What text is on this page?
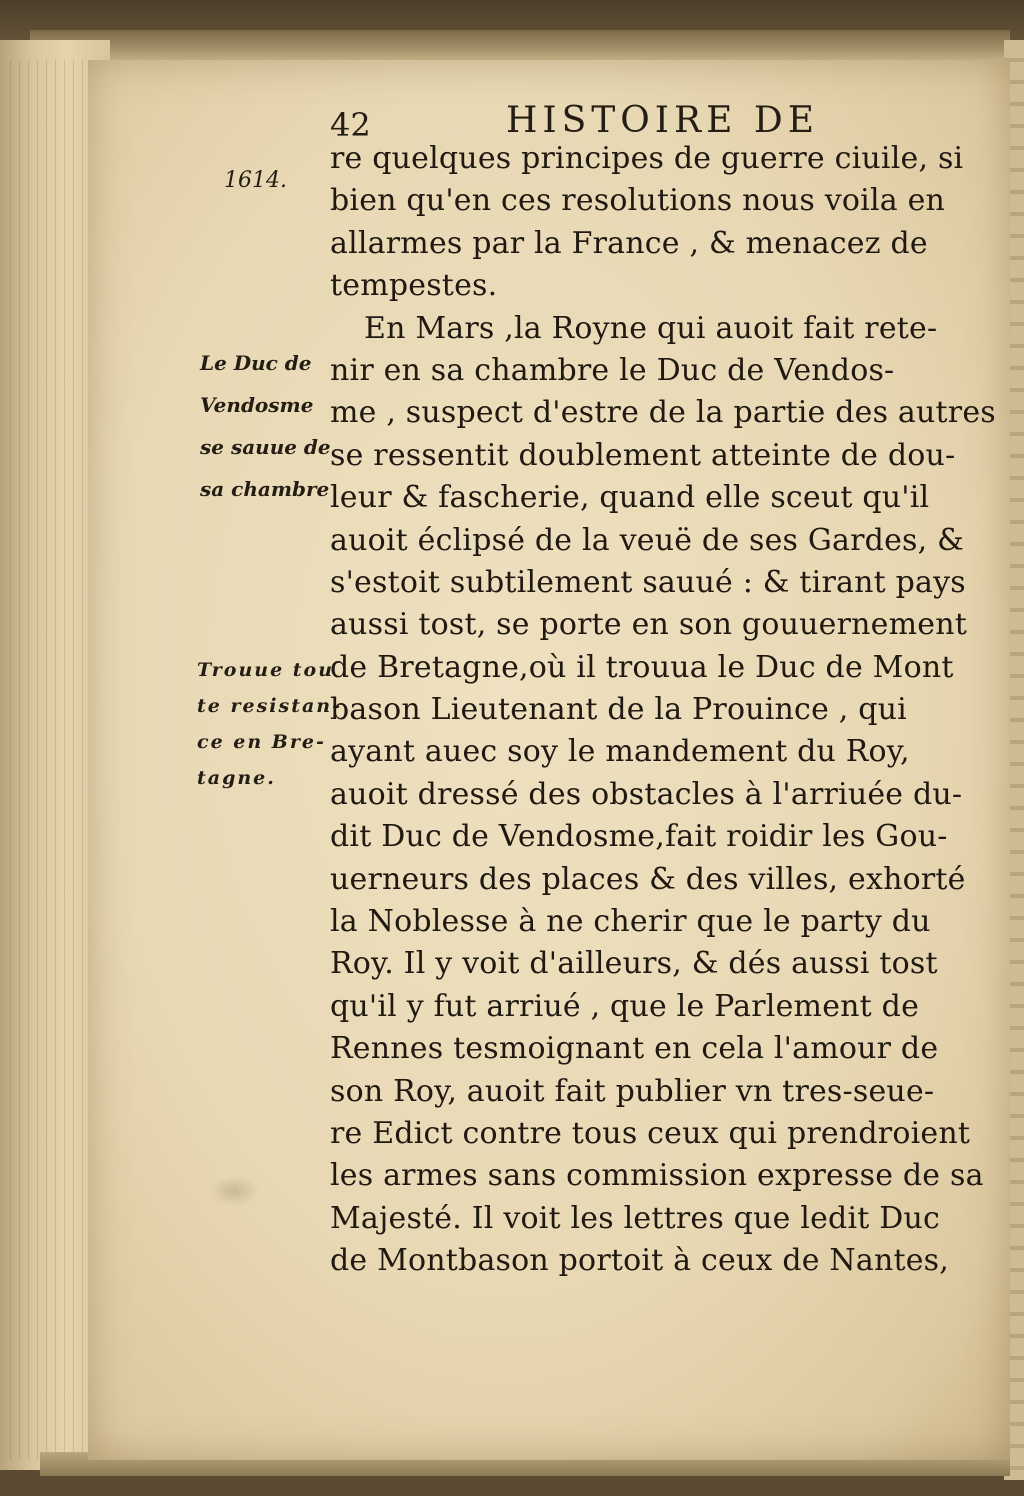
42	HISTOIRE DE
1614.
Le Duc de
Vendosme
se sauue de
sa chambre
Trouue tou
te resistan-
ce en Bre-
tagne.
re quelques principes de guerre ciuile, si
bien qu'en ces resolutions nous voila en
allarmes par la France , & menacez de
tempestes.
En Mars ,la Royne qui auoit fait rete-
nir en sa chambre le Duc de Vendos-
me , suspect d'estre de la partie des autres
se ressentit doublement atteinte de dou-
leur & fascherie, quand elle sceut qu'il
auoit éclipsé de la veuë de ses Gardes, &
s'estoit subtilement sauué : & tirant pays
aussi tost, se porte en son gouuernement
de Bretagne,où il trouua le Duc de Mont
bason Lieutenant de la Prouince , qui
ayant auec soy le mandement du Roy,
auoit dressé des obstacles à l'arriuée du-
dit Duc de Vendosme,fait roidir les Gou-
uerneurs des places & des villes, exhorté
la Noblesse à ne cherir que le party du
Roy. Il y voit d'ailleurs, & dés aussi tost
qu'il y fut arriué , que le Parlement de
Rennes tesmoignant en cela l'amour de
son Roy, auoit fait publier vn tres-seue-
re Edict contre tous ceux qui prendroient
les armes sans commission expresse de sa
Majesté. Il voit les lettres que ledit Duc
de Montbason portoit à ceux de Nantes,
